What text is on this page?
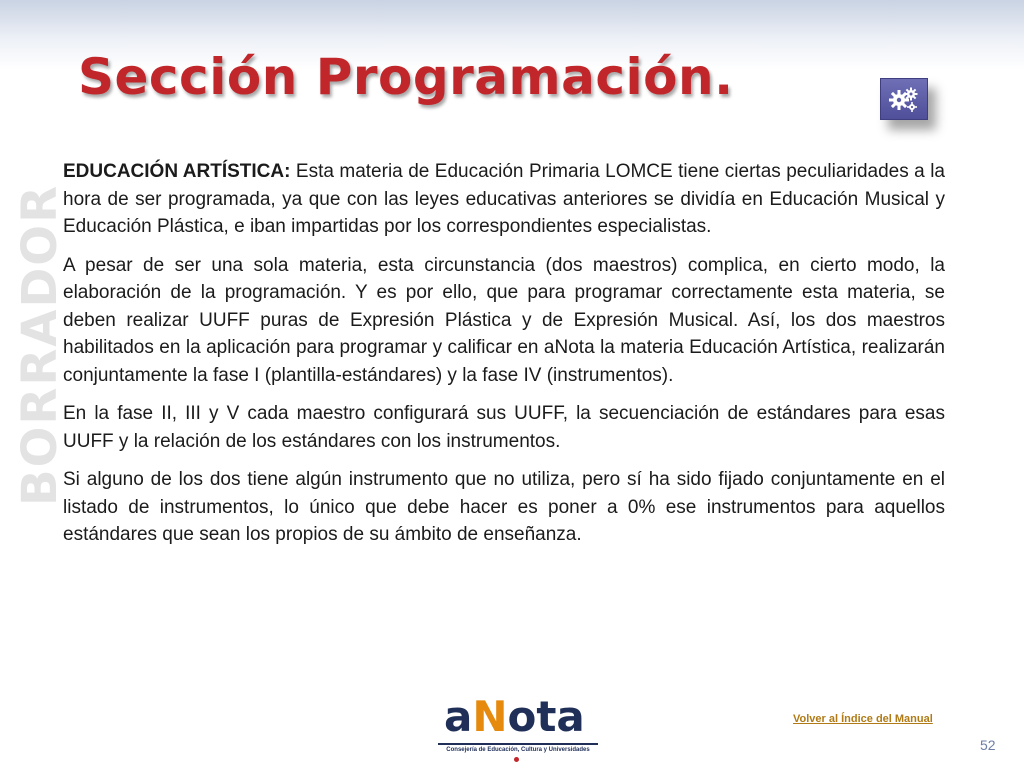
Sección Programación.
BORRADOR

EDUCACIÓN ARTÍSTICA: Esta materia de Educación Primaria LOMCE tiene ciertas peculiaridades a la hora de ser programada, ya que con las leyes educativas anteriores se dividía en Educación Musical y Educación Plástica, e iban impartidas por los correspondientes especialistas.

A pesar de ser una sola materia, esta circunstancia (dos maestros) complica, en cierto modo, la elaboración de la programación. Y es por ello, que para programar correctamente esta materia, se deben realizar UUFF puras de Expresión Plástica y de Expresión Musical. Así, los dos maestros habilitados en la aplicación para programar y calificar en aNota la materia Educación Artística, realizarán conjuntamente la fase I (plantilla-estándares) y la fase IV (instrumentos).

En la fase II, III y V cada maestro configurará sus UUFF, la secuenciación de estándares para esas UUFF y la relación de los estándares con los instrumentos.

Si alguno de los dos tiene algún instrumento que no utiliza, pero sí ha sido fijado conjuntamente en el listado de instrumentos, lo único que debe hacer es poner a 0% ese instrumentos para aquellos estándares que sean los propios de su ámbito de enseñanza.

aNota
Consejería de Educación, Cultura y Universidades
Volver al Índice del Manual
52
